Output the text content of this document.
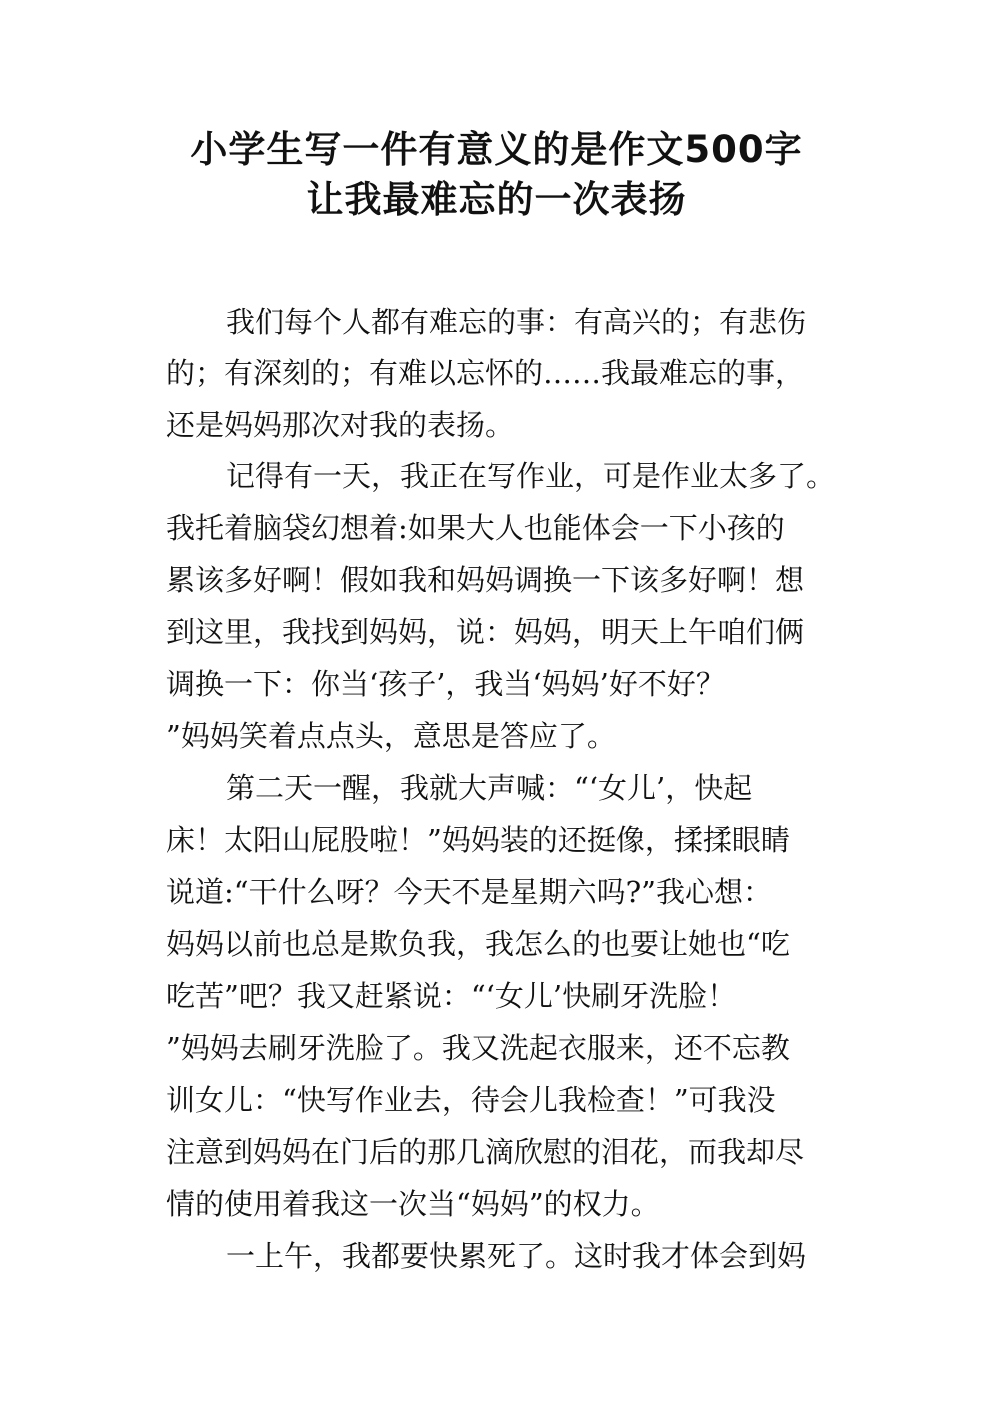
小学生写一件有意义的是作文500字
让我最难忘的一次表扬
我们每个人都有难忘的事：有高兴的；有悲伤
的；有深刻的；有难以忘怀的……我最难忘的事，
还是妈妈那次对我的表扬。
记得有一天，我正在写作业，可是作业太多了。
我托着脑袋幻想着:如果大人也能体会一下小孩的
累该多好啊！假如我和妈妈调换一下该多好啊！想
到这里，我找到妈妈，说：妈妈，明天上午咱们俩
调换一下：你当‘孩子’，我当‘妈妈’好不好？
”妈妈笑着点点头，意思是答应了。
第二天一醒，我就大声喊：“‘女儿’，快起
床！太阳山屁股啦！”妈妈装的还挺像，揉揉眼睛
说道:“干什么呀？今天不是星期六吗?”我心想：
妈妈以前也总是欺负我，我怎么的也要让她也“吃
吃苦”吧？我又赶紧说：“‘女儿’快刷牙洗脸！
”妈妈去刷牙洗脸了。我又洗起衣服来，还不忘教
训女儿：“快写作业去，待会儿我检查！”可我没
注意到妈妈在门后的那几滴欣慰的泪花，而我却尽
情的使用着我这一次当“妈妈”的权力。
一上午，我都要快累死了。这时我才体会到妈
